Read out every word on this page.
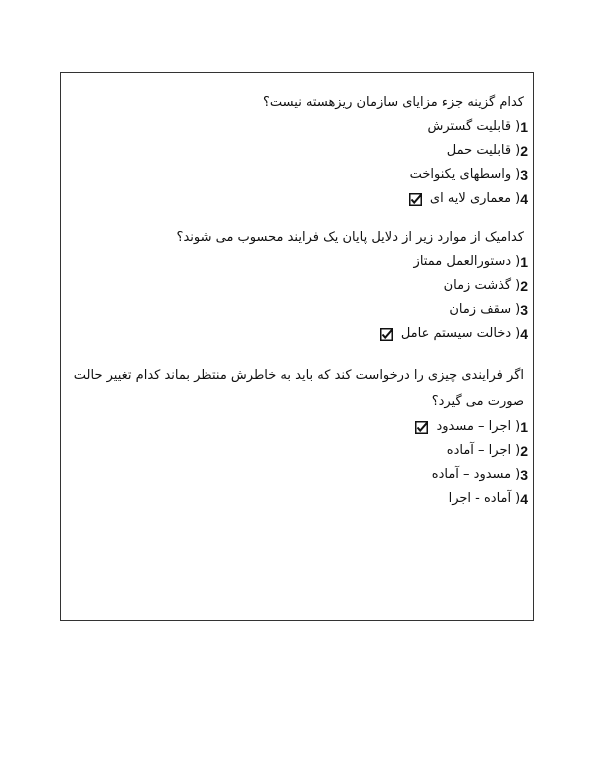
کدام گزینه جزء مزایای سازمان ریزهسته نیست؟

1
(
قابلیت گسترش
2
(
قابلیت حمل
3
(
واسطهای یکنواخت
4
(
معماری لایه ای

کدامیک از موارد زیر از دلایل پایان یک فرایند محسوب می شوند؟

1
(
دستورالعمل ممتاز
2
(
گذشت زمان
3
(
سقف زمان
4
(
دخالت سیستم عامل

اگر فرایندی چیزی را درخواست کند که باید به خاطرش منتظر بماند کدام تغییر حالت صورت می گیرد؟

1
(
اجرا – مسدود
2
(
اجرا – آماده
3
(
مسدود – آماده
4
(
آماده - اجرا
